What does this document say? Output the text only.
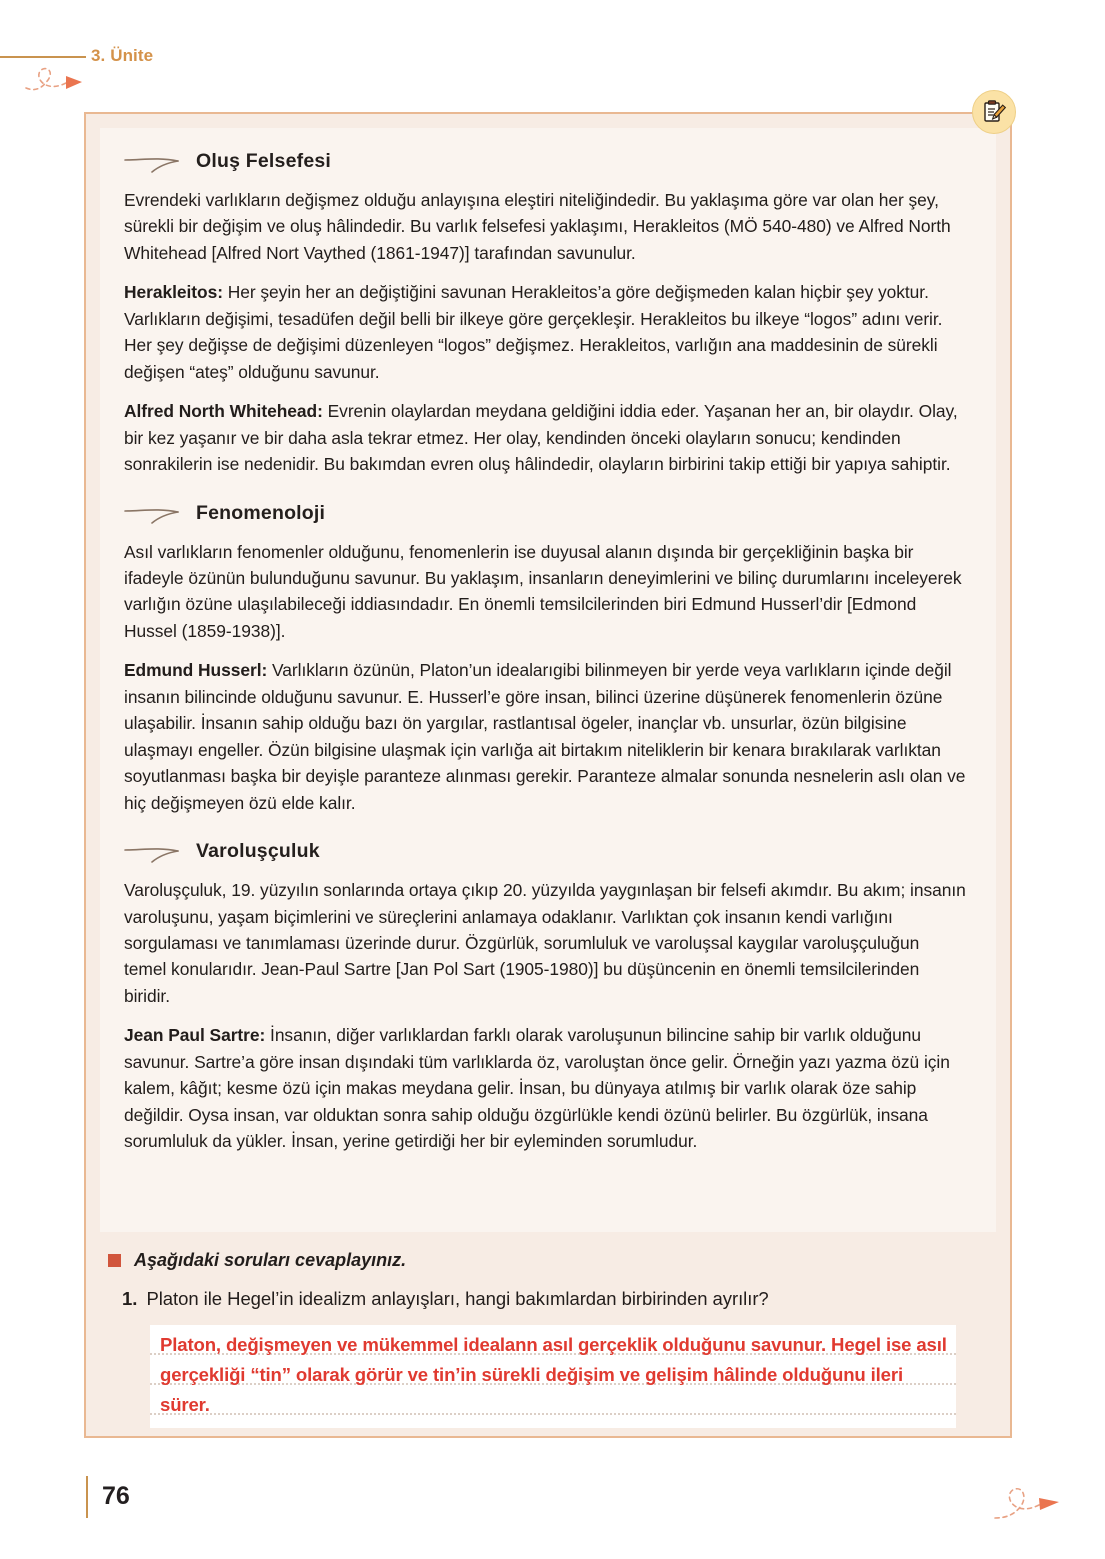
3. Ünite
Oluş Felsefesi

Evrendeki varlıkların değişmez olduğu anlayışına eleştiri niteliğindedir. Bu yaklaşıma göre var olan her şey, sürekli bir değişim ve oluş hâlindedir. Bu varlık felsefesi yaklaşımı, Herakleitos (MÖ 540-480) ve Alfred North Whitehead [Alfred Nort Vaythed (1861-1947)] tarafından savunulur.

Herakleitos: Her şeyin her an değiştiğini savunan Herakleitos’a göre değişmeden kalan hiçbir şey yoktur. Varlıkların değişimi, tesadüfen değil belli bir ilkeye göre gerçekleşir. Herakleitos bu ilkeye “logos” adını verir. Her şey değişse de değişimi düzenleyen “logos” değişmez. Herakleitos, varlığın ana maddesinin de sürekli değişen “ateş” olduğunu savunur.

Alfred North Whitehead: Evrenin olaylardan meydana geldiğini iddia eder. Yaşanan her an, bir olaydır. Olay, bir kez yaşanır ve bir daha asla tekrar etmez. Her olay, kendinden önceki olayların sonucu; kendinden sonrakilerin ise nedenidir. Bu bakımdan evren oluş hâlindedir, olayların birbirini takip ettiği bir yapıya sahiptir.

Fenomenoloji

Asıl varlıkların fenomenler olduğunu, fenomenlerin ise duyusal alanın dışında bir gerçekliğinin başka bir ifadeyle özünün bulunduğunu savunur. Bu yaklaşım, insanların deneyimlerini ve bilinç durumlarını inceleyerek varlığın özüne ulaşılabileceği iddiasındadır. En önemli temsilcilerinden biri Edmund Husserl’dir [Edmond Hussel (1859-1938)].

Edmund Husserl: Varlıkların özünün, Platon’un idealarıgibi bilinmeyen bir yerde veya varlıkların içinde değil insanın bilincinde olduğunu savunur. E. Husserl’e göre insan, bilinci üzerine düşünerek fenomenlerin özüne ulaşabilir. İnsanın sahip olduğu bazı ön yargılar, rastlantısal ögeler, inançlar vb. unsurlar, özün bilgisine ulaşmayı engeller. Özün bilgisine ulaşmak için varlığa ait birtakım niteliklerin bir kenara bırakılarak varlıktan soyutlanması başka bir deyişle paranteze alınması gerekir. Paranteze almalar sonunda nesnelerin aslı olan ve hiç değişmeyen özü elde kalır.

Varoluşçuluk

Varoluşçuluk, 19. yüzyılın sonlarında ortaya çıkıp 20. yüzyılda yaygınlaşan bir felsefi akımdır. Bu akım; insanın varoluşunu, yaşam biçimlerini ve süreçlerini anlamaya odaklanır. Varlıktan çok insanın kendi varlığını sorgulaması ve tanımlaması üzerinde durur. Özgürlük, sorumluluk ve varoluşsal kaygılar varoluşçuluğun temel konularıdır. Jean-Paul Sartre [Jan Pol Sart (1905-1980)] bu düşüncenin en önemli temsilcilerinden biridir.

Jean Paul Sartre: İnsanın, diğer varlıklardan farklı olarak varoluşunun bilincine sahip bir varlık olduğunu savunur. Sartre’a göre insan dışındaki tüm varlıklarda öz, varoluştan önce gelir. Örneğin yazı yazma özü için kalem, kâğıt; kesme özü için makas meydana gelir. İnsan, bu dünyaya atılmış bir varlık olarak öze sahip değildir. Oysa insan, var olduktan sonra sahip olduğu özgürlükle kendi özünü belirler. Bu özgürlük, insana sorumluluk da yükler. İnsan, yerine getirdiği her bir eyleminden sorumludur.

Aşağıdaki soruları cevaplayınız.
1. Platon ile Hegel’in idealizm anlayışları, hangi bakımlardan birbirinden ayrılır?
Platon, değişmeyen ve mükemmel idealann asıl gerçeklik olduğunu savunur. Hegel ise asıl gerçekliği “tin” olarak görür ve tin’in sürekli değişim ve gelişim hâlinde olduğunu ileri sürer.
76
